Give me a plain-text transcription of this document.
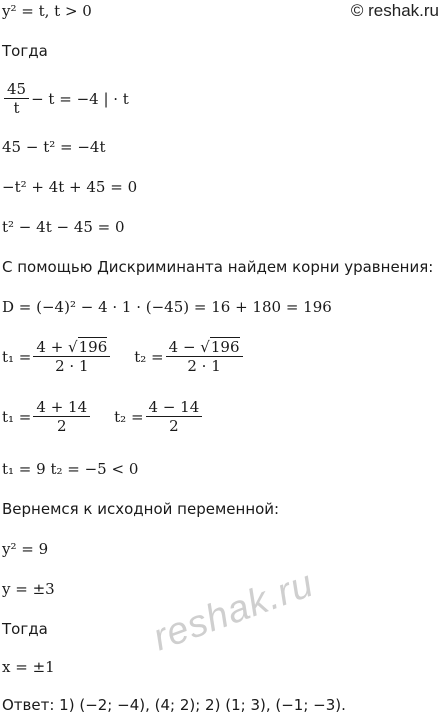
© reshak.ru
y² = t, t > 0
Тогда
$\frac{45}{t} - t = -4$ | · t
45 − t² = −4t
−t² + 4t + 45 = 0
t² − 4t − 45 = 0
С помощью Дискриминанта найдем корни уравнения:
D = (−4)² − 4 · 1 · (−45) = 16 + 180 = 196
$t_1 = \frac{4 + √196}{2 \cdot 1} t_2 = \frac{4 - √196}{2 \cdot 1}$
$t_1 = \frac{4 + 14}{2} t_2 = \frac{4 - 14}{2}$
t₁ = 9 t₂ = −5 < 0
Вернемся к исходной переменной:
y² = 9
y = ±3
Тогда
x = ±1
Ответ: 1) (−2; −4), (4; 2); 2) (1; 3), (−1; −3).
reshak.ru
